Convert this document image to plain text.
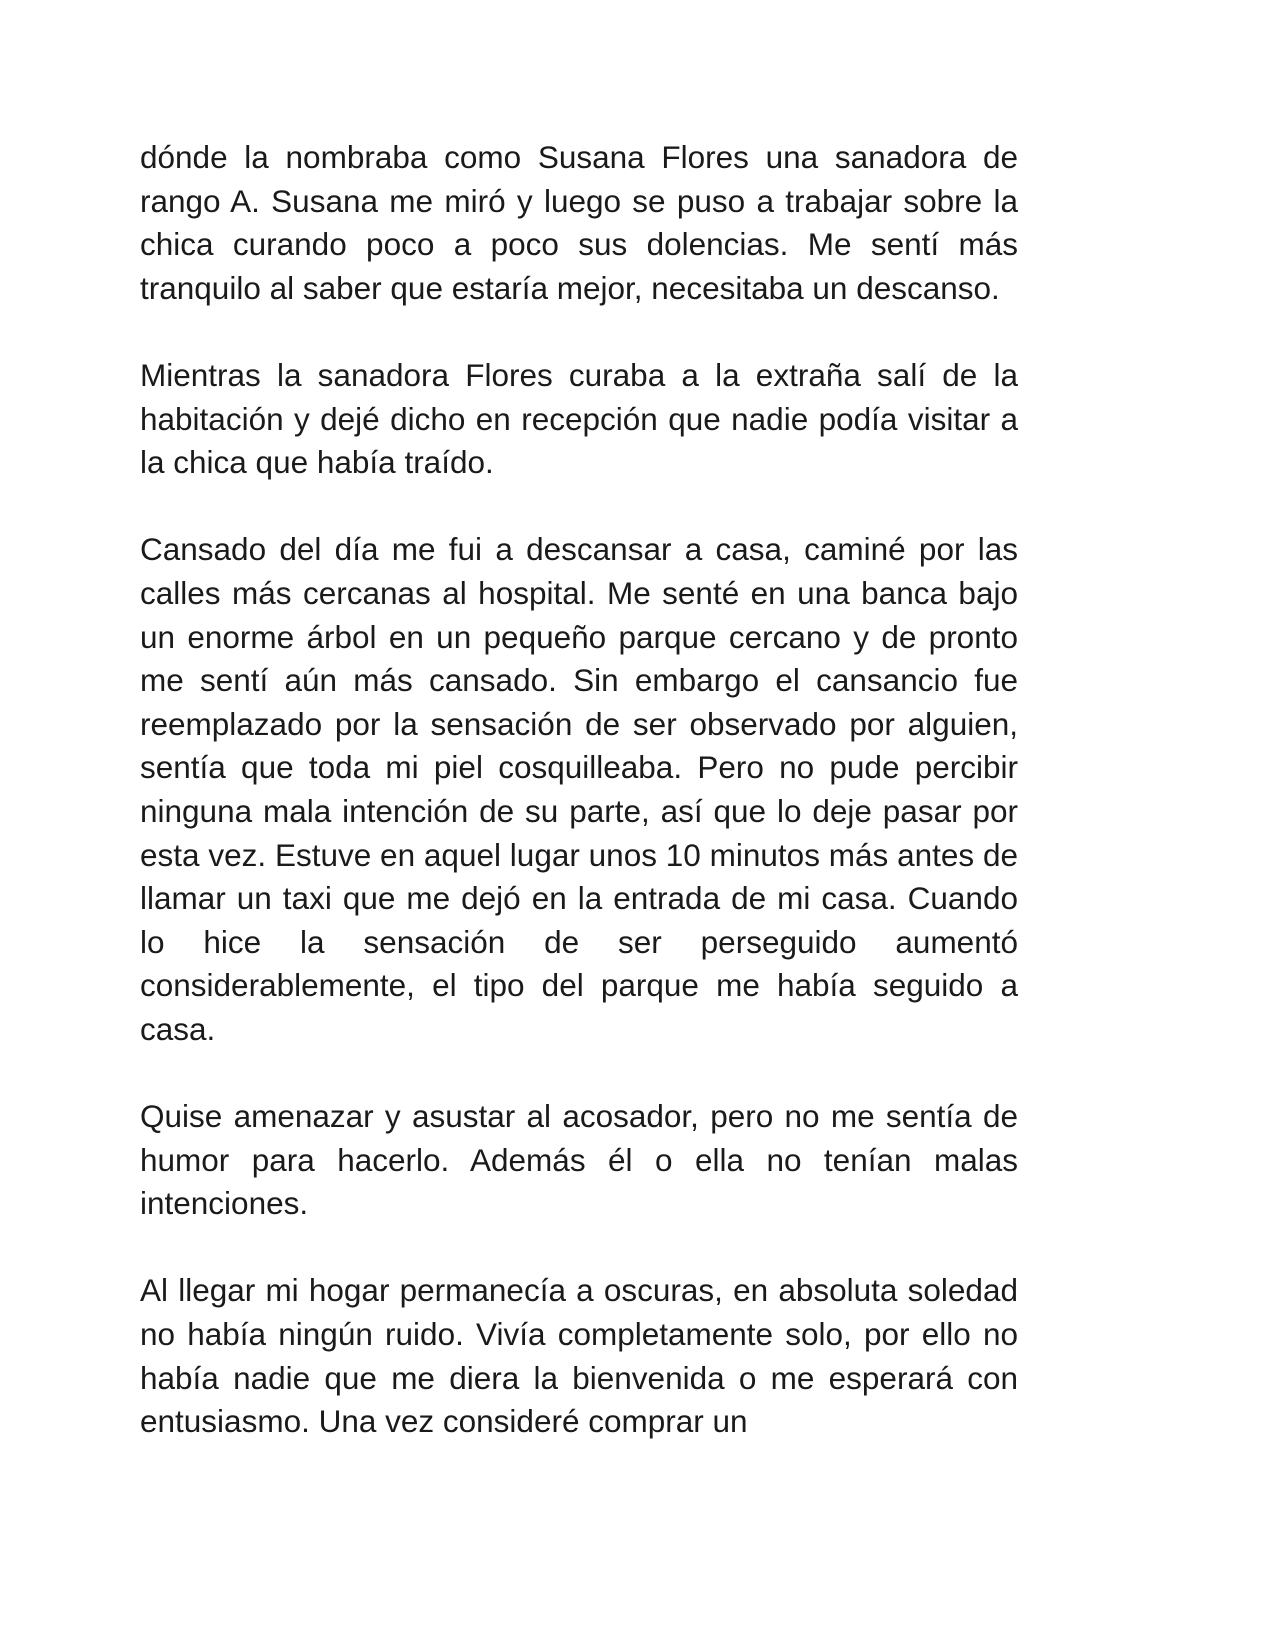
dónde la nombraba como Susana Flores una sanadora de rango A. Susana me miró y luego se puso a trabajar sobre la chica curando poco a poco sus dolencias. Me sentí más tranquilo al saber que estaría mejor, necesitaba un descanso.

Mientras la sanadora Flores curaba a la extraña salí de la habitación y dejé dicho en recepción que nadie podía visitar a la chica que había traído.

Cansado del día me fui a descansar a casa, caminé por las calles más cercanas al hospital. Me senté en una banca bajo un enorme árbol en un pequeño parque cercano y de pronto me sentí aún más cansado. Sin embargo el cansancio fue reemplazado por la sensación de ser observado por alguien, sentía que toda mi piel cosquilleaba. Pero no pude percibir ninguna mala intención de su parte, así que lo deje pasar por esta vez. Estuve en aquel lugar unos 10 minutos más antes de llamar un taxi que me dejó en la entrada de mi casa. Cuando lo hice la sensación de ser perseguido aumentó considerablemente, el tipo del parque me había seguido a casa.

Quise amenazar y asustar al acosador, pero no me sentía de humor para hacerlo. Además él o ella no tenían malas intenciones.

Al llegar mi hogar permanecía a oscuras, en absoluta soledad no había ningún ruido. Vivía completamente solo, por ello no había nadie que me diera la bienvenida o me esperará con entusiasmo. Una vez consideré comprar un
